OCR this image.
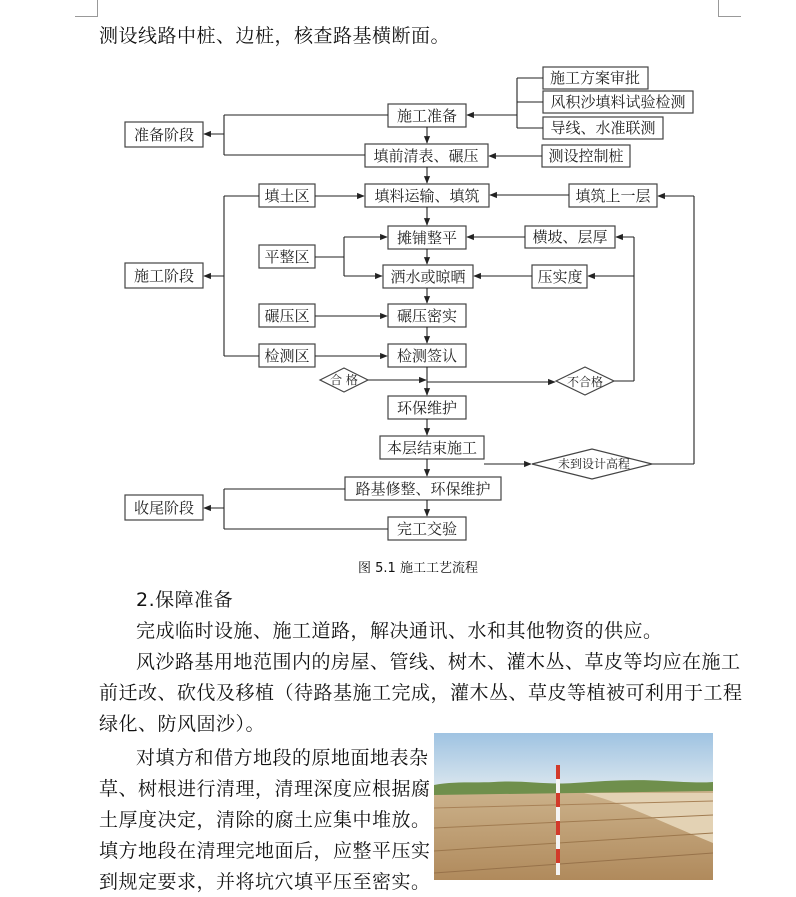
测设线路中桩、边桩，核查路基横断面。
准备阶段
施工阶段
收尾阶段
施工方案审批
风积沙填料试验检测
导线、水准联测
测设控制桩
填筑上一层
横坡、层厚
压实度
填土区
平整区
碾压区
检测区
施工准备
填前清表、碾压
填料运输、填筑
摊铺整平
洒水或晾晒
碾压密实
检测签认
环保维护
本层结束施工
路基修整、环保维护
完工交验
合 格	不合格
未到设计高程
图 5.1 施工工艺流程
2.保障准备
完成临时设施、施工道路，解决通讯、水和其他物资的供应。
风沙路基用地范围内的房屋、管线、树木、灌木丛、草皮等均应在施工
前迁改、砍伐及移植（待路基施工完成，灌木丛、草皮等植被可利用于工程
绿化、防风固沙）。
对填方和借方地段的原地面地表杂
草、树根进行清理，清理深度应根据腐
土厚度决定，清除的腐土应集中堆放。
填方地段在清理完地面后，应整平压实
到规定要求，并将坑穴填平压至密实。
